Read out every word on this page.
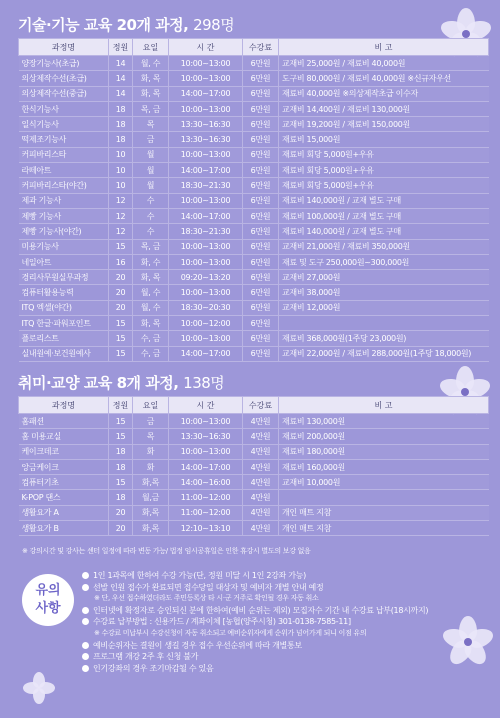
기술·기능 교육 20개 과정, 298명
과정명	정원	요일	시 간	수강료	비 고
양장기능사(초급)	14	월, 수	10:00~13:00	6만원	교재비 25,000원 / 재료비 40,000원
의상제작수선(초급)	14	화, 목	10:00~13:00	6만원	도구비 80,000원 / 재료비 40,000원 ※신규자우선
의상제작수선(중급)	14	화, 목	14:00~17:00	6만원	재료비 40,000원 ※의상제작초급 이수자
한식기능사	18	목, 금	10:00~13:00	6만원	교재비 14,400원 / 재료비 130,000원
일식기능사	18	목	13:30~16:30	6만원	교재비 19,200원 / 재료비 150,000원
떡제조기능사	18	금	13:30~16:30	6만원	재료비 15,000원
커피바리스타	10	월	10:00~13:00	6만원	재료비 회당 5,000원+우유
라떼아트	10	월	14:00~17:00	6만원	재료비 회당 5,000원+우유
커피바리스타(야간)	10	월	18:30~21:30	6만원	재료비 회당 5,000원+우유
제과 기능사	12	수	10:00~13:00	6만원	재료비 140,000원 / 교재 별도 구매
제빵 기능사	12	수	14:00~17:00	6만원	재료비 100,000원 / 교재 별도 구매
제빵 기능사(야간)	12	수	18:30~21:30	6만원	재료비 140,000원 / 교재 별도 구매
미용기능사	15	목, 금	10:00~13:00	6만원	교재비 21,000원 / 재료비 350,000원
네일아트	16	화, 수	10:00~13:00	6만원	재료 및 도구 250,000원~300,000원
경리사무원실무과정	20	화, 목	09:20~13:20	6만원	교재비 27,000원
컴퓨터활용능력	20	월, 수	10:00~13:00	6만원	교재비 38,000원
ITQ 엑셀(야간)	20	월, 수	18:30~20:30	6만원	교재비 12,000원
ITQ 한글·파워포인트	15	화, 목	10:00~12:00	6만원	
플로리스트	15	수, 금	10:00~13:00	6만원	재료비 368,000원(1주당 23,000원)
실내원예·보건원예사	15	수, 금	14:00~17:00	6만원	교재비 22,000원 / 재료비 288,000원(1주당 18,000원)
취미·교양 교육 8개 과정, 138명
과정명	정원	요일	시 간	수강료	비 고
홈패션	15	금	10:00~13:00	4만원	재료비 130,000원
홈 미용교실	15	목	13:30~16:30	4만원	재료비 200,000원
케이크데코	18	화	10:00~13:00	4만원	재료비 180,000원
앙금케이크	18	화	14:00~17:00	4만원	재료비 160,000원
컴퓨터기초	15	화,목	14:00~16:00	4만원	교재비 10,000원
K-POP 댄스	18	월,금	11:00~12:00	4만원	
생활요가 A	20	화,목	11:00~12:00	4만원	개인 매트 지참
생활요가 B	20	화,목	12:10~13:10	4만원	개인 매트 지참
※ 강의시간 및 강사는 센터 일정에 따라 변동 가능/ 법정 임시공휴일은 인한 휴강시 별도의 보강 없음
유의
사항
1인 1과목에 한하여 수강 가능(단, 정원 미달 시 1인 2강좌 가능)
선발 인원 접수가 완료되면 접수당일 대상자 및 예비자 개별 안내 예정
※ 단, 우선 접수하였더라도 주민등록상 타 시·군 거주로 확인될 경우 자동 취소
인터넷에 확정자로 승인되신 분에 한하여(예비 순위는 제외) 모집자수 기간 내 수강료 납부(18시까지)
수강료 납부방법 : 신용카드 / 계좌이체 [농협(양주시청) 301-0138-7585-11]
※ 수강료 미납부시 수강신청이 자동 취소되고 예비순위자에게 순위가 넘어가게 되니 이점 유의
예비순위자는 결원이 생길 경우 접수 우선순위에 따라 개별통보
프로그램 개강 2주 후 신청 불가
인기강좌의 경우 조기마감될 수 있음
